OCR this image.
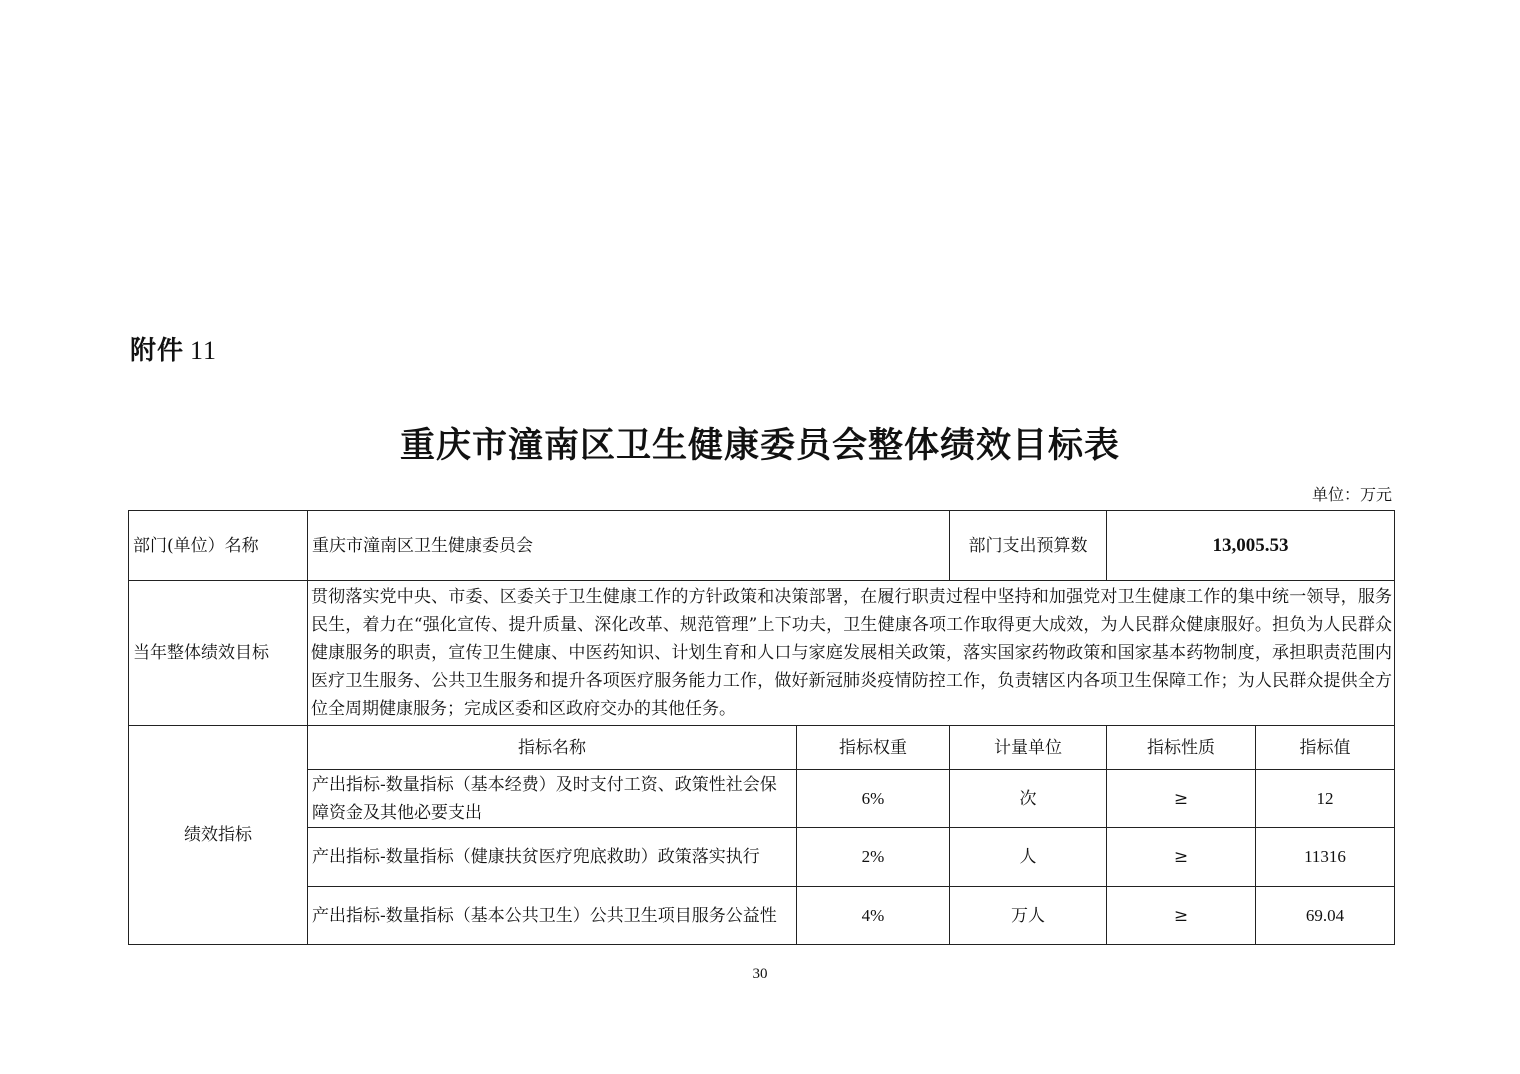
附件 11
重庆市潼南区卫生健康委员会整体绩效目标表
单位：万元
部门(单位）名称	重庆市潼南区卫生健康委员会		部门支出预算数	13,005.53	
当年整体绩效目标	贯彻落实党中央、市委、区委关于卫生健康工作的方针政策和决策部署，在履行职责过程中坚持和加强党对卫生健康工作的集中统一领导，服务民生，着力在“强化宣传、提升质量、深化改革、规范管理”上下功夫，卫生健康各项工作取得更大成效，为人民群众健康服好。担负为人民群众健康服务的职责，宣传卫生健康、中医药知识、计划生育和人口与家庭发展相关政策，落实国家药物政策和国家基本药物制度，承担职责范围内医疗卫生服务、公共卫生服务和提升各项医疗服务能力工作，做好新冠肺炎疫情防控工作，负责辖区内各项卫生保障工作；为人民群众提供全方位全周期健康服务；完成区委和区政府交办的其他任务。				
绩效指标	指标名称	指标权重	计量单位	指标性质	指标值
	产出指标-数量指标（基本经费）及时支付工资、政策性社会保障资金及其他必要支出	6%	次	≥	12
	产出指标-数量指标（健康扶贫医疗兜底救助）政策落实执行	2%	人	≥	11316
	产出指标-数量指标（基本公共卫生）公共卫生项目服务公益性	4%	万人	≥	69.04
30
